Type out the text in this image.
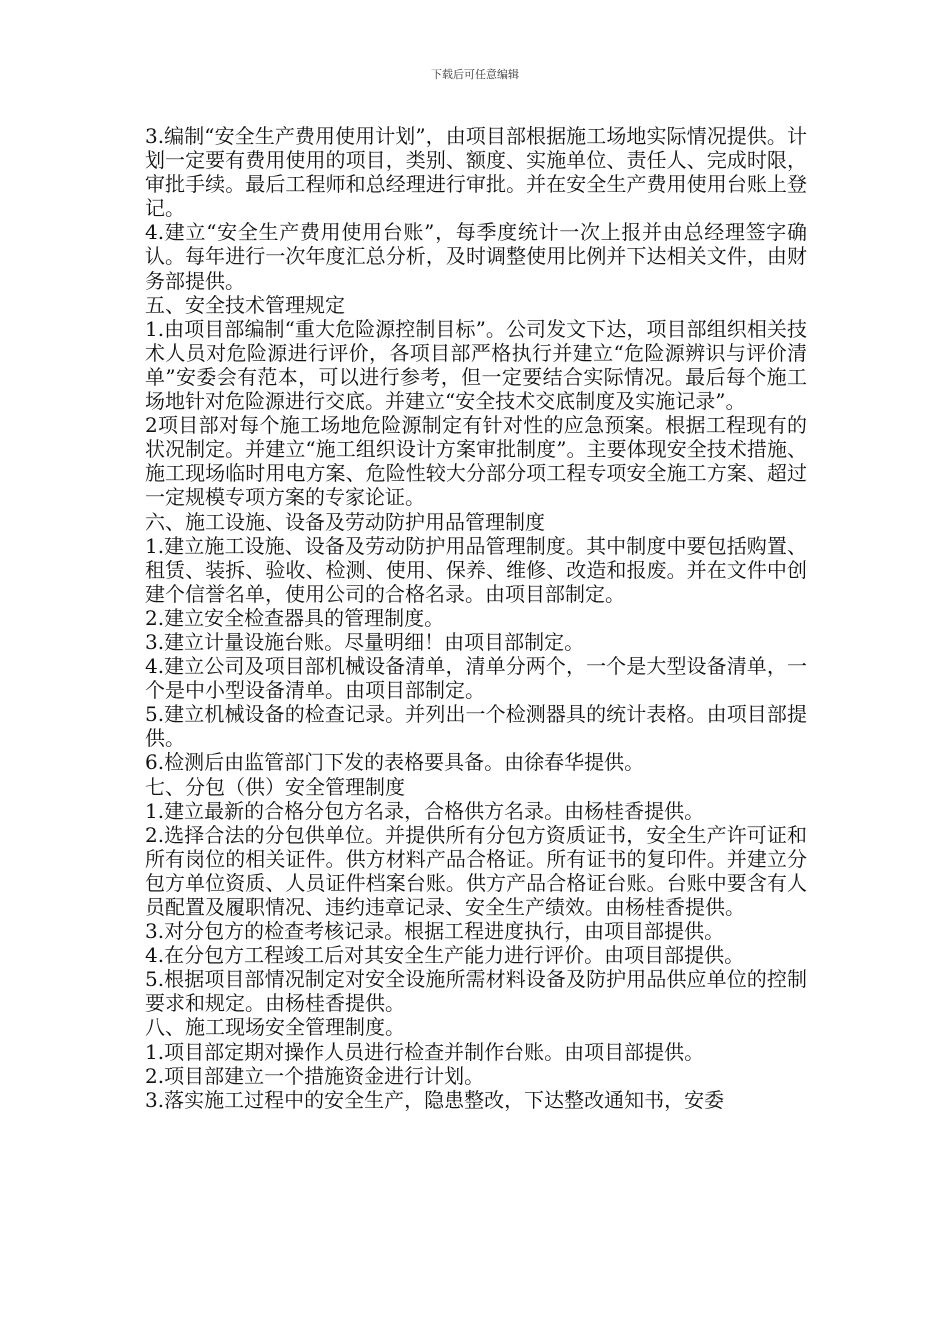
下载后可任意编辑

3.编制“安全生产费用使用计划”，由项目部根据施工场地实际情况提供。计划一定要有费用使用的项目，类别、额度、实施单位、责任人、完成时限，审批手续。最后工程师和总经理进行审批。并在安全生产费用使用台账上登记。

4.建立“安全生产费用使用台账”，每季度统计一次上报并由总经理签字确认。每年进行一次年度汇总分析，及时调整使用比例并下达相关文件，由财务部提供。

五、安全技术管理规定

1.由项目部编制“重大危险源控制目标”。公司发文下达，项目部组织相关技术人员对危险源进行评价，各项目部严格执行并建立“危险源辨识与评价清单”安委会有范本，可以进行参考，但一定要结合实际情况。最后每个施工场地针对危险源进行交底。并建立“安全技术交底制度及实施记录”。

2项目部对每个施工场地危险源制定有针对性的应急预案。根据工程现有的状况制定。并建立“施工组织设计方案审批制度”。主要体现安全技术措施、施工现场临时用电方案、危险性较大分部分项工程专项安全施工方案、超过一定规模专项方案的专家论证。

六、施工设施、设备及劳动防护用品管理制度

1.建立施工设施、设备及劳动防护用品管理制度。其中制度中要包括购置、租赁、装拆、验收、检测、使用、保养、维修、改造和报废。并在文件中创建个信誉名单，使用公司的合格名录。由项目部制定。

2.建立安全检查器具的管理制度。

3.建立计量设施台账。尽量明细！由项目部制定。

4.建立公司及项目部机械设备清单，清单分两个，一个是大型设备清单，一个是中小型设备清单。由项目部制定。

5.建立机械设备的检查记录。并列出一个检测器具的统计表格。由项目部提供。

6.检测后由监管部门下发的表格要具备。由徐春华提供。

七、分包（供）安全管理制度

1.建立最新的合格分包方名录，合格供方名录。由杨桂香提供。

2.选择合法的分包供单位。并提供所有分包方资质证书，安全生产许可证和所有岗位的相关证件。供方材料产品合格证。所有证书的复印件。并建立分包方单位资质、人员证件档案台账。供方产品合格证台账。台账中要含有人员配置及履职情况、违约违章记录、安全生产绩效。由杨桂香提供。

3.对分包方的检查考核记录。根据工程进度执行，由项目部提供。

4.在分包方工程竣工后对其安全生产能力进行评价。由项目部提供。

5.根据项目部情况制定对安全设施所需材料设备及防护用品供应单位的控制要求和规定。由杨桂香提供。

八、施工现场安全管理制度。

1.项目部定期对操作人员进行检查并制作台账。由项目部提供。

2.项目部建立一个措施资金进行计划。

3.落实施工过程中的安全生产，隐患整改，下达整改通知书，安委
